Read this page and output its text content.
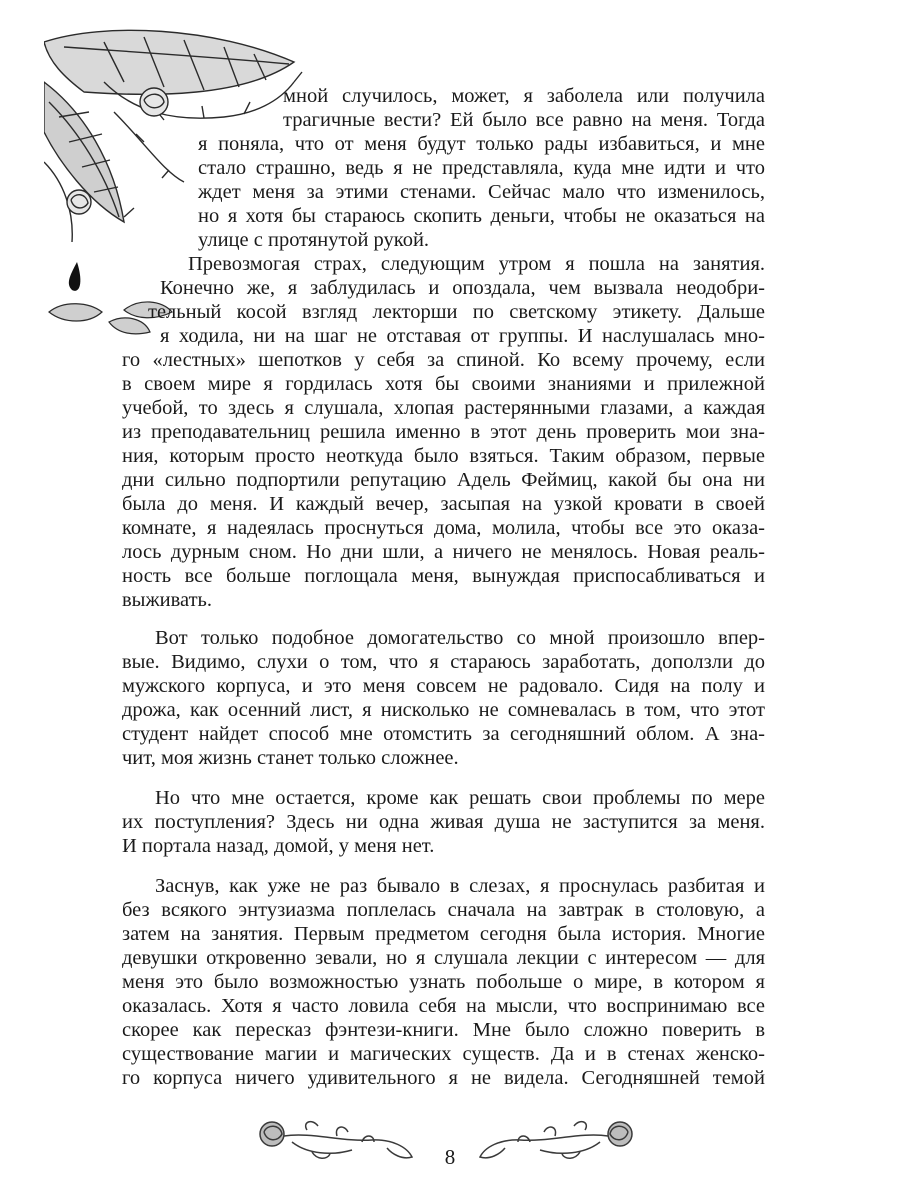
мной случилось, может, я заболела или получила
трагичные вести? Ей было все равно на меня. Тогда
я поняла, что от меня будут только рады избавиться, и мне
стало страшно, ведь я не представляла, куда мне идти и что
ждет меня за этими стенами. Сейчас мало что изменилось,
но я хотя бы стараюсь скопить деньги, чтобы не оказаться на
улице с протянутой рукой.
Превозмогая страх, следующим утром я пошла на занятия.
Конечно же, я заблудилась и опоздала, чем вызвала неодобри-
тельный косой взгляд лекторши по светскому этикету. Дальше
я ходила, ни на шаг не отставая от группы. И наслушалась мно-
го «лестных» шепотков у себя за спиной. Ко всему прочему, если
в своем мире я гордилась хотя бы своими знаниями и прилежной
учебой, то здесь я слушала, хлопая растерянными глазами, а каждая
из преподавательниц решила именно в этот день проверить мои зна-
ния, которым просто неоткуда было взяться. Таким образом, первые
дни сильно подпортили репутацию Адель Феймиц, какой бы она ни
была до меня. И каждый вечер, засыпая на узкой кровати в своей
комнате, я надеялась проснуться дома, молила, чтобы все это оказа-
лось дурным сном. Но дни шли, а ничего не менялось. Новая реаль-
ность все больше поглощала меня, вынуждая приспосабливаться и
выживать.
Вот только подобное домогательство со мной произошло впер-
вые. Видимо, слухи о том, что я стараюсь заработать, доползли до
мужского корпуса, и это меня совсем не радовало. Сидя на полу и
дрожа, как осенний лист, я нисколько не сомневалась в том, что этот
студент найдет способ мне отомстить за сегодняшний облом. А зна-
чит, моя жизнь станет только сложнее.
Но что мне остается, кроме как решать свои проблемы по мере
их поступления? Здесь ни одна живая душа не заступится за меня.
И портала назад, домой, у меня нет.
Заснув, как уже не раз бывало в слезах, я проснулась разбитая и
без всякого энтузиазма поплелась сначала на завтрак в столовую, а
затем на занятия. Первым предметом сегодня была история. Многие
девушки откровенно зевали, но я слушала лекции с интересом — для
меня это было возможностью узнать побольше о мире, в котором я
оказалась. Хотя я часто ловила себя на мысли, что воспринимаю все
скорее как пересказ фэнтези-книги. Мне было сложно поверить в
существование магии и магических существ. Да и в стенах женско-
го корпуса ничего удивительного я не видела. Сегодняшней темой
8
